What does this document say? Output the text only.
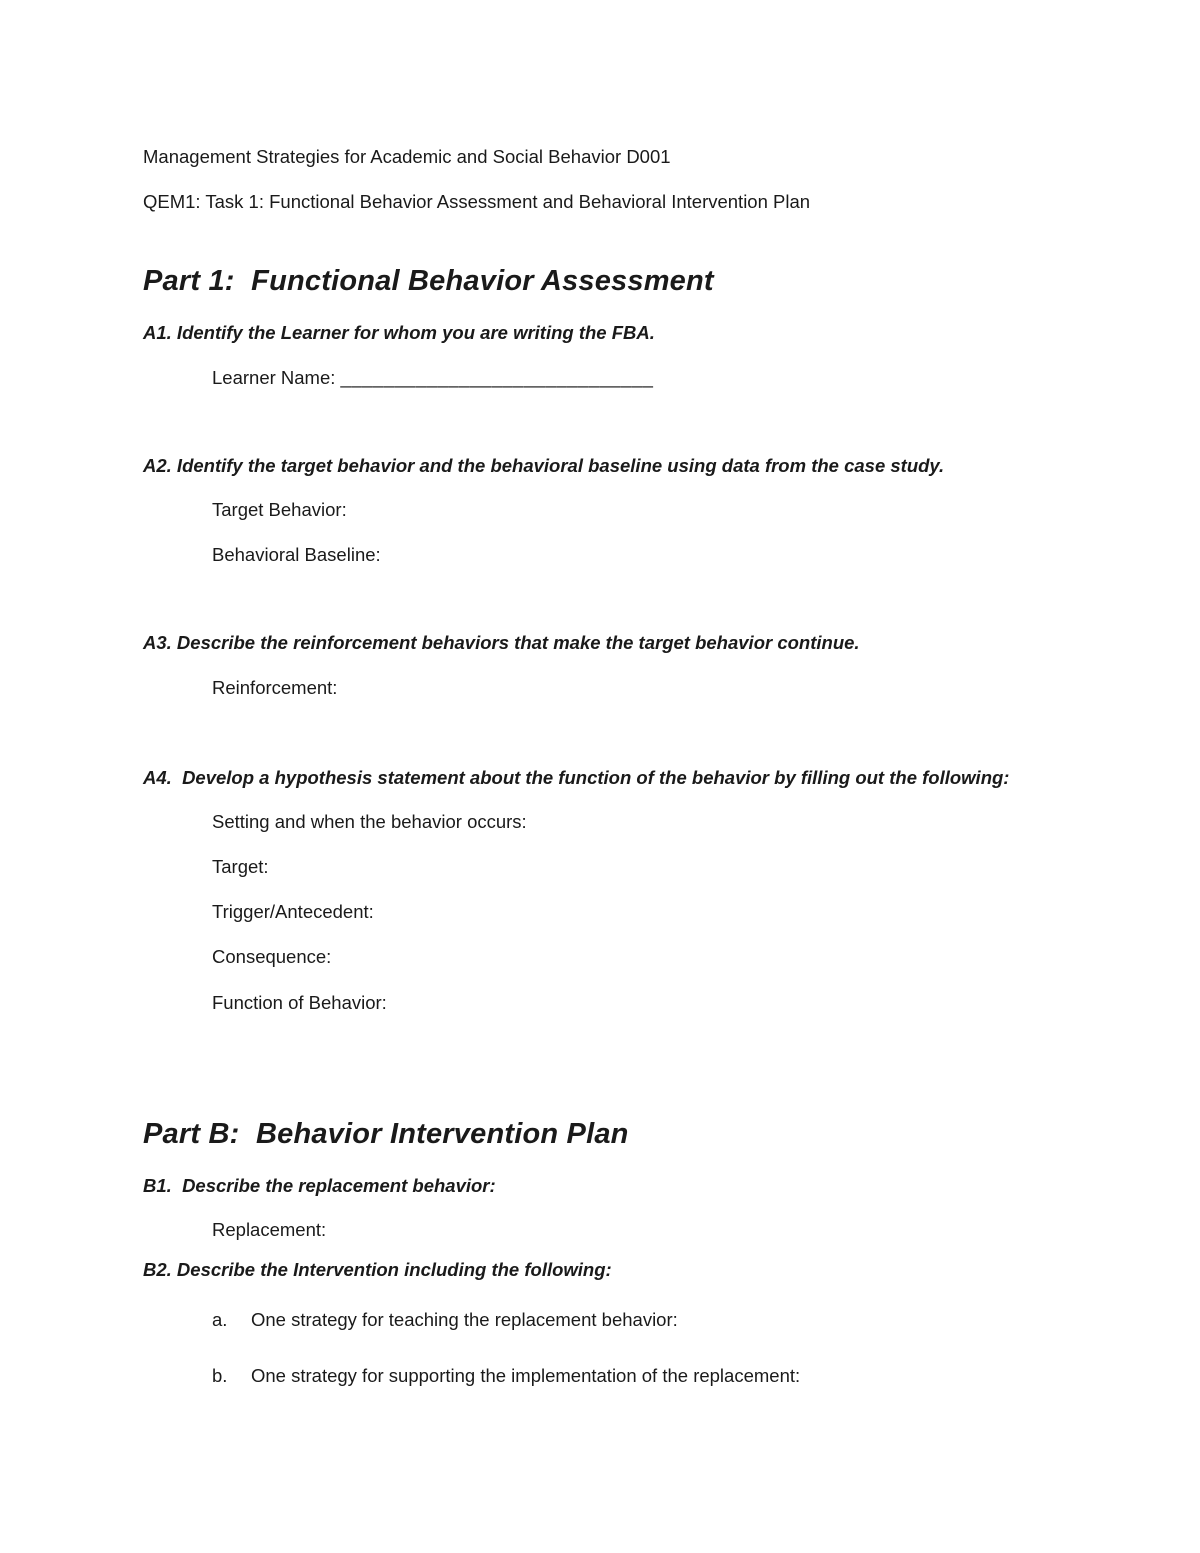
Management Strategies for Academic and Social Behavior D001

QEM1: Task 1: Functional Behavior Assessment and Behavioral Intervention Plan

Part 1:  Functional Behavior Assessment

A1. Identify the Learner for whom you are writing the FBA.

Learner Name: _____________________________

A2. Identify the target behavior and the behavioral baseline using data from the case study.

Target Behavior:

Behavioral Baseline:

A3. Describe the reinforcement behaviors that make the target behavior continue.

Reinforcement:

A4.  Develop a hypothesis statement about the function of the behavior by filling out the following:

Setting and when the behavior occurs:

Target:

Trigger/Antecedent:

Consequence:

Function of Behavior:

Part B:  Behavior Intervention Plan

B1.  Describe the replacement behavior:

Replacement:

B2. Describe the Intervention including the following:

a.	One strategy for teaching the replacement behavior:
b.	One strategy for supporting the implementation of the replacement:
